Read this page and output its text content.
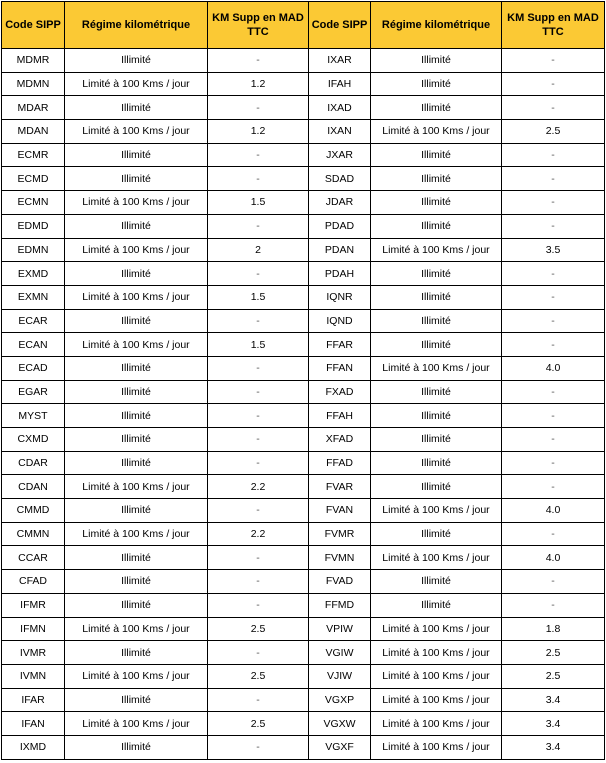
Code SIPP	Régime kilométrique	KM Supp en MAD TTC	Code SIPP	Régime kilométrique	KM Supp en MAD TTC
MDMR	Illimité	-	IXAR	Illimité	-
MDMN	Limité à 100 Kms / jour	1.2	IFAH	Illimité	-
MDAR	Illimité	-	IXAD	Illimité	-
MDAN	Limité à 100 Kms / jour	1.2	IXAN	Limité à 100 Kms / jour	2.5
ECMR	Illimité	-	JXAR	Illimité	-
ECMD	Illimité	-	SDAD	Illimité	-
ECMN	Limité à 100 Kms / jour	1.5	JDAR	Illimité	-
EDMD	Illimité	-	PDAD	Illimité	-
EDMN	Limité à 100 Kms / jour	2	PDAN	Limité à 100 Kms / jour	3.5
EXMD	Illimité	-	PDAH	Illimité	-
EXMN	Limité à 100 Kms / jour	1.5	IQNR	Illimité	-
ECAR	Illimité	-	IQND	Illimité	-
ECAN	Limité à 100 Kms / jour	1.5	FFAR	Illimité	-
ECAD	Illimité	-	FFAN	Limité à 100 Kms / jour	4.0
EGAR	Illimité	-	FXAD	Illimité	-
MYST	Illimité	-	FFAH	Illimité	-
CXMD	Illimité	-	XFAD	Illimité	-
CDAR	Illimité	-	FFAD	Illimité	-
CDAN	Limité à 100 Kms / jour	2.2	FVAR	Illimité	-
CMMD	Illimité	-	FVAN	Limité à 100 Kms / jour	4.0
CMMN	Limité à 100 Kms / jour	2.2	FVMR	Illimité	-
CCAR	Illimité	-	FVMN	Limité à 100 Kms / jour	4.0
CFAD	Illimité	-	FVAD	Illimité	-
IFMR	Illimité	-	FFMD	Illimité	-
IFMN	Limité à 100 Kms / jour	2.5	VPIW	Limité à 100 Kms / jour	1.8
IVMR	Illimité	-	VGIW	Limité à 100 Kms / jour	2.5
IVMN	Limité à 100 Kms / jour	2.5	VJIW	Limité à 100 Kms / jour	2.5
IFAR	Illimité	-	VGXP	Limité à 100 Kms / jour	3.4
IFAN	Limité à 100 Kms / jour	2.5	VGXW	Limité à 100 Kms / jour	3.4
IXMD	Illimité	-	VGXF	Limité à 100 Kms / jour	3.4
